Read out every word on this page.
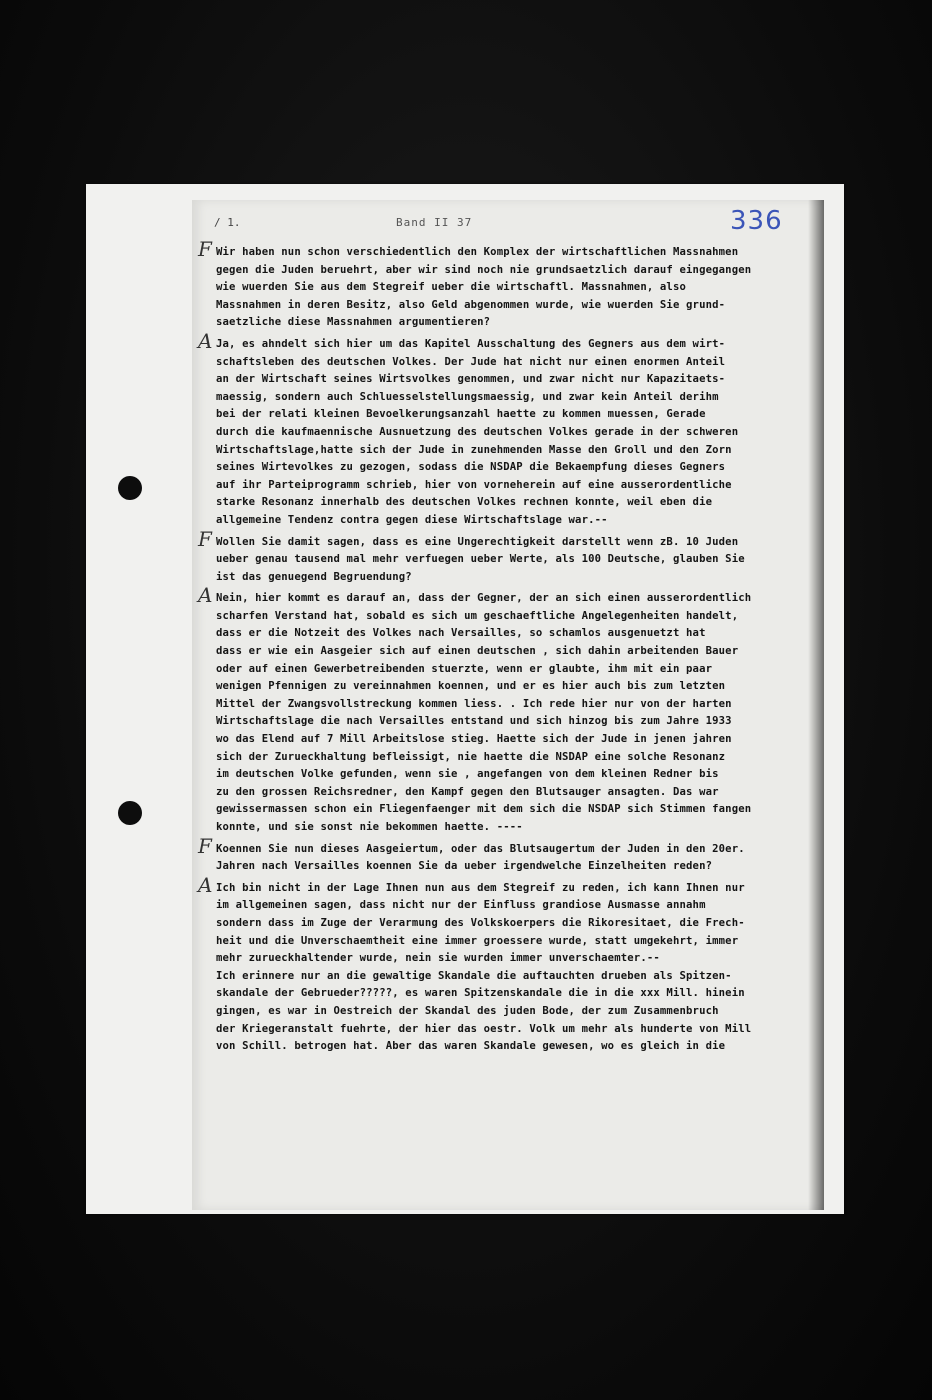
/ 1.	Band II 37	336
F Wir haben nun schon verschiedentlich den Komplex der wirtschaftlichen Massnahmen
gegen die Juden beruehrt, aber wir sind noch nie grundsaetzlich darauf eingegangen
wie wuerden Sie aus dem Stegreif ueber die wirtschaftl. Massnahmen, also
Massnahmen in deren Besitz, also Geld abgenommen wurde, wie wuerden Sie grund-
saetzliche diese Massnahmen argumentieren?
A Ja, es ahndelt sich hier um das Kapitel Ausschaltung des Gegners aus dem wirt-
schaftsleben des deutschen Volkes. Der Jude hat nicht nur einen enormen Anteil
an der Wirtschaft seines Wirtsvolkes genommen, und zwar nicht nur Kapazitaets-
maessig, sondern auch Schluesselstellungsmaessig, und zwar kein Anteil derihm
bei der relati kleinen Bevoelkerungsanzahl haette zu kommen muessen, Gerade
durch die kaufmaennische Ausnuetzung des deutschen Volkes gerade in der schweren
Wirtschaftslage,hatte sich der Jude in zunehmenden Masse den Groll und den Zorn
seines Wirtevolkes zu gezogen, sodass die NSDAP die Bekaempfung dieses Gegners
auf ihr Parteiprogramm schrieb, hier von vorneherein auf eine ausserordentliche
starke Resonanz innerhalb des deutschen Volkes rechnen konnte, weil eben die
allgemeine Tendenz contra gegen diese Wirtschaftslage war.--
F Wollen Sie damit sagen, dass es eine Ungerechtigkeit darstellt wenn zB. 10 Juden
ueber genau tausend mal mehr verfuegen ueber Werte, als 100 Deutsche, glauben Sie
ist das genuegend Begruendung?
A Nein, hier kommt es darauf an, dass der Gegner, der an sich einen ausserordentlich
scharfen Verstand hat, sobald es sich um geschaeftliche Angelegenheiten handelt,
dass er die Notzeit des Volkes nach Versailles, so schamlos ausgenuetzt hat
dass er wie ein Aasgeier sich auf einen deutschen , sich dahin arbeitenden Bauer
oder auf einen Gewerbetreibenden stuerzte, wenn er glaubte, ihm mit ein paar
wenigen Pfennigen zu vereinnahmen koennen, und er es hier auch bis zum letzten
Mittel der Zwangsvollstreckung kommen liess. . Ich rede hier nur von der harten
Wirtschaftslage die nach Versailles entstand und sich hinzog bis zum Jahre 1933
wo das Elend auf 7 Mill Arbeitslose stieg. Haette sich der Jude in jenen jahren
sich der Zurueckhaltung befleissigt, nie haette die NSDAP eine solche Resonanz
im deutschen Volke gefunden, wenn sie , angefangen von dem kleinen Redner bis
zu den grossen Reichsredner, den Kampf gegen den Blutsauger ansagten. Das war
gewissermassen schon ein Fliegenfaenger mit dem sich die NSDAP sich Stimmen fangen
konnte, und sie sonst nie bekommen haette. ----
F Koennen Sie nun dieses Aasgeiertum, oder das Blutsaugertum der Juden in den 20er.
Jahren nach Versailles koennen Sie da ueber irgendwelche Einzelheiten reden?
A Ich bin nicht in der Lage Ihnen nun aus dem Stegreif zu reden, ich kann Ihnen nur
im allgemeinen sagen, dass nicht nur der Einfluss grandiose Ausmasse annahm
sondern dass im Zuge der Verarmung des Volkskoerpers die Rikoresitaet, die Frech-
heit und die Unverschaemtheit eine immer groessere wurde, statt umgekehrt, immer
mehr zurueckhaltender wurde, nein sie wurden immer unverschaemter.--
Ich erinnere nur an die gewaltige Skandale die auftauchten drueben als Spitzen-
skandale der Gebrueder?????, es waren Spitzenskandale die in die xxx Mill. hinein
gingen, es war in Oestreich der Skandal des juden Bode, der zum Zusammenbruch
der Kriegeranstalt fuehrte, der hier das oestr. Volk um mehr als hunderte von Mill
von Schill. betrogen hat. Aber das waren Skandale gewesen, wo es gleich in die
